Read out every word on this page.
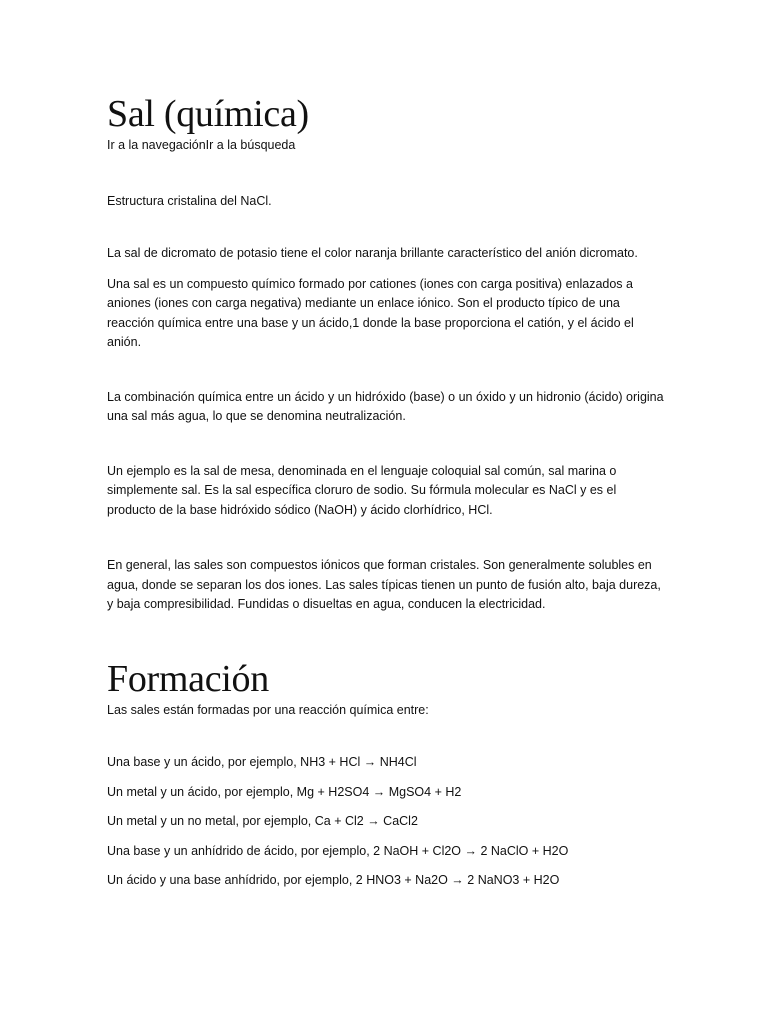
Sal (química)

Ir a la navegaciónIr a la búsqueda

Estructura cristalina del NaCl.

La sal de dicromato de potasio tiene el color naranja brillante característico del anión dicromato.

Una sal es un compuesto químico formado por cationes (iones con carga positiva) enlazados a aniones (iones con carga negativa) mediante un enlace iónico. Son el producto típico de una reacción química entre una base y un ácido,1 donde la base proporciona el catión, y el ácido el anión.

La combinación química entre un ácido y un hidróxido (base) o un óxido y un hidronio (ácido) origina una sal más agua, lo que se denomina neutralización.

Un ejemplo es la sal de mesa, denominada en el lenguaje coloquial sal común, sal marina o simplemente sal. Es la sal específica cloruro de sodio. Su fórmula molecular es NaCl y es el producto de la base hidróxido sódico (NaOH) y ácido clorhídrico, HCl.

En general, las sales son compuestos iónicos que forman cristales. Son generalmente solubles en agua, donde se separan los dos iones. Las sales típicas tienen un punto de fusión alto, baja dureza, y baja compresibilidad. Fundidas o disueltas en agua, conducen la electricidad.

Formación

Las sales están formadas por una reacción química entre:

Una base y un ácido, por ejemplo, NH3 + HCl → NH4Cl

Un metal y un ácido, por ejemplo, Mg + H2SO4 → MgSO4 + H2

Un metal y un no metal, por ejemplo, Ca + Cl2 → CaCl2

Una base y un anhídrido de ácido, por ejemplo, 2 NaOH + Cl2O → 2 NaClO + H2O

Un ácido y una base anhídrido, por ejemplo, 2 HNO3 + Na2O → 2 NaNO3 + H2O
